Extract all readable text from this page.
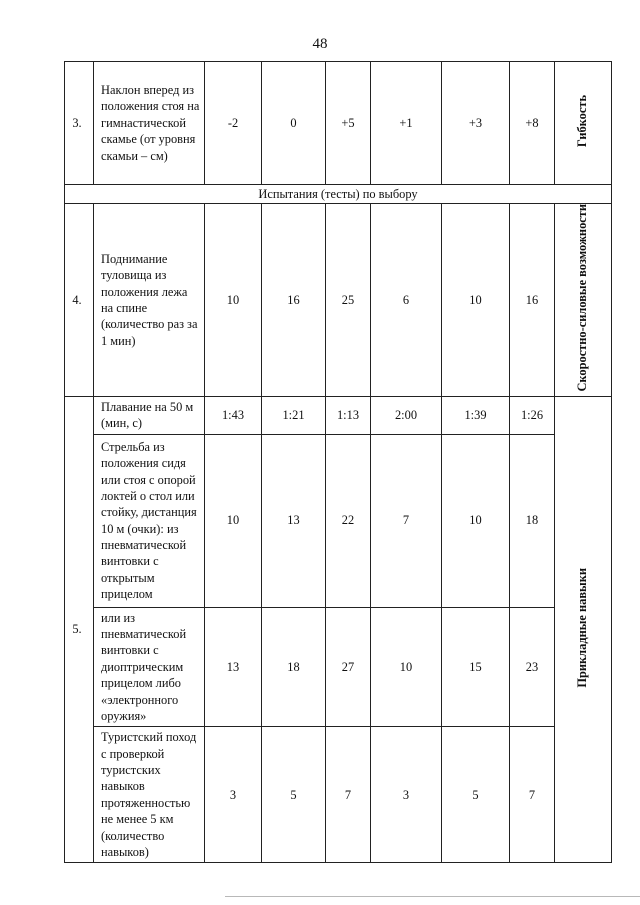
48
3.	Наклон вперед из положения стоя на гимнастической скамье (от уровня скамьи – см)	-2	0	+5	+1	+3	+8	Гибкость
Испытания (тесты) по выбору								
4.	Поднимание туловища из положения лежа на спине (количество раз за 1 мин)	10	16	25	6	10	16	Скоростно-силовые возможности
5.	Плавание на 50 м (мин, с)	1:43	1:21	1:13	2:00	1:39	1:26	Прикладные навыки
	Стрельба из положения сидя или стоя с опорой локтей о стол или стойку, дистанция 10 м (очки): из пневматической винтовки с открытым прицелом	10	13	22	7	10	18	
	или из пневматической винтовки с диоптрическим прицелом либо «электронного оружия»	13	18	27	10	15	23	
	Туристский поход с проверкой туристских навыков протяженностью не менее 5 км (количество навыков)	3	5	7	3	5	7	
